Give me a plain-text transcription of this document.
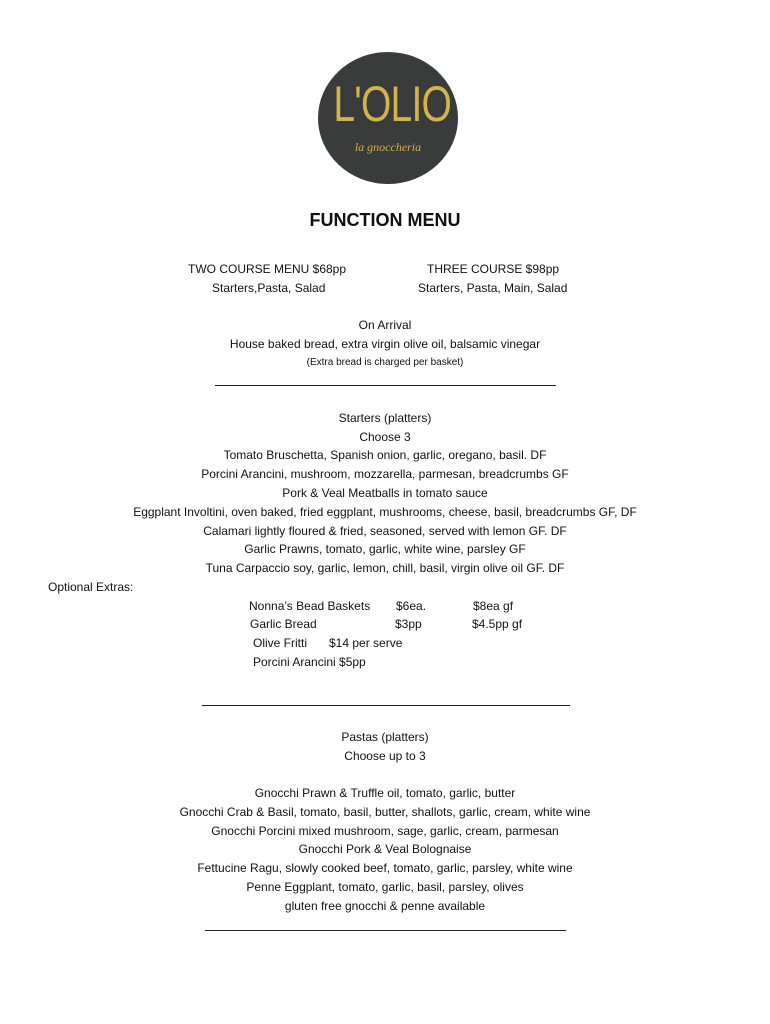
L'OLIO
la gnoccheria
FUNCTION MENU
TWO COURSE MENU $68pp
Starters,Pasta, Salad
THREE COURSE $98pp
Starters, Pasta, Main, Salad
On Arrival
House baked bread, extra virgin olive oil, balsamic vinegar
(Extra bread is charged per basket)
Starters (platters)
Choose 3
Tomato Bruschetta, Spanish onion, garlic, oregano, basil. DF
Porcini Arancini, mushroom, mozzarella, parmesan, breadcrumbs GF
Pork & Veal Meatballs in tomato sauce
Eggplant Involtini, oven baked, fried eggplant, mushrooms, cheese, basil, breadcrumbs GF, DF
Calamari lightly floured & fried, seasoned, served with lemon GF. DF
Garlic Prawns, tomato, garlic, white wine, parsley GF
Tuna Carpaccio soy, garlic, lemon, chill, basil, virgin olive oil GF. DF
Optional Extras:
Nonna’s Bead Baskets $6ea.	$8ea gf
Garlic Bread	$3pp	$4.5pp gf
Olive Fritti $14 per serve
Porcini Arancini $5pp
Pastas (platters)
Choose up to 3
Gnocchi Prawn & Truffle oil, tomato, garlic, butter
Gnocchi Crab & Basil, tomato, basil, butter, shallots, garlic, cream, white wine
Gnocchi Porcini mixed mushroom, sage, garlic, cream, parmesan
Gnocchi Pork & Veal Bolognaise
Fettucine Ragu, slowly cooked beef, tomato, garlic, parsley, white wine
Penne Eggplant, tomato, garlic, basil, parsley, olives
gluten free gnocchi & penne available
